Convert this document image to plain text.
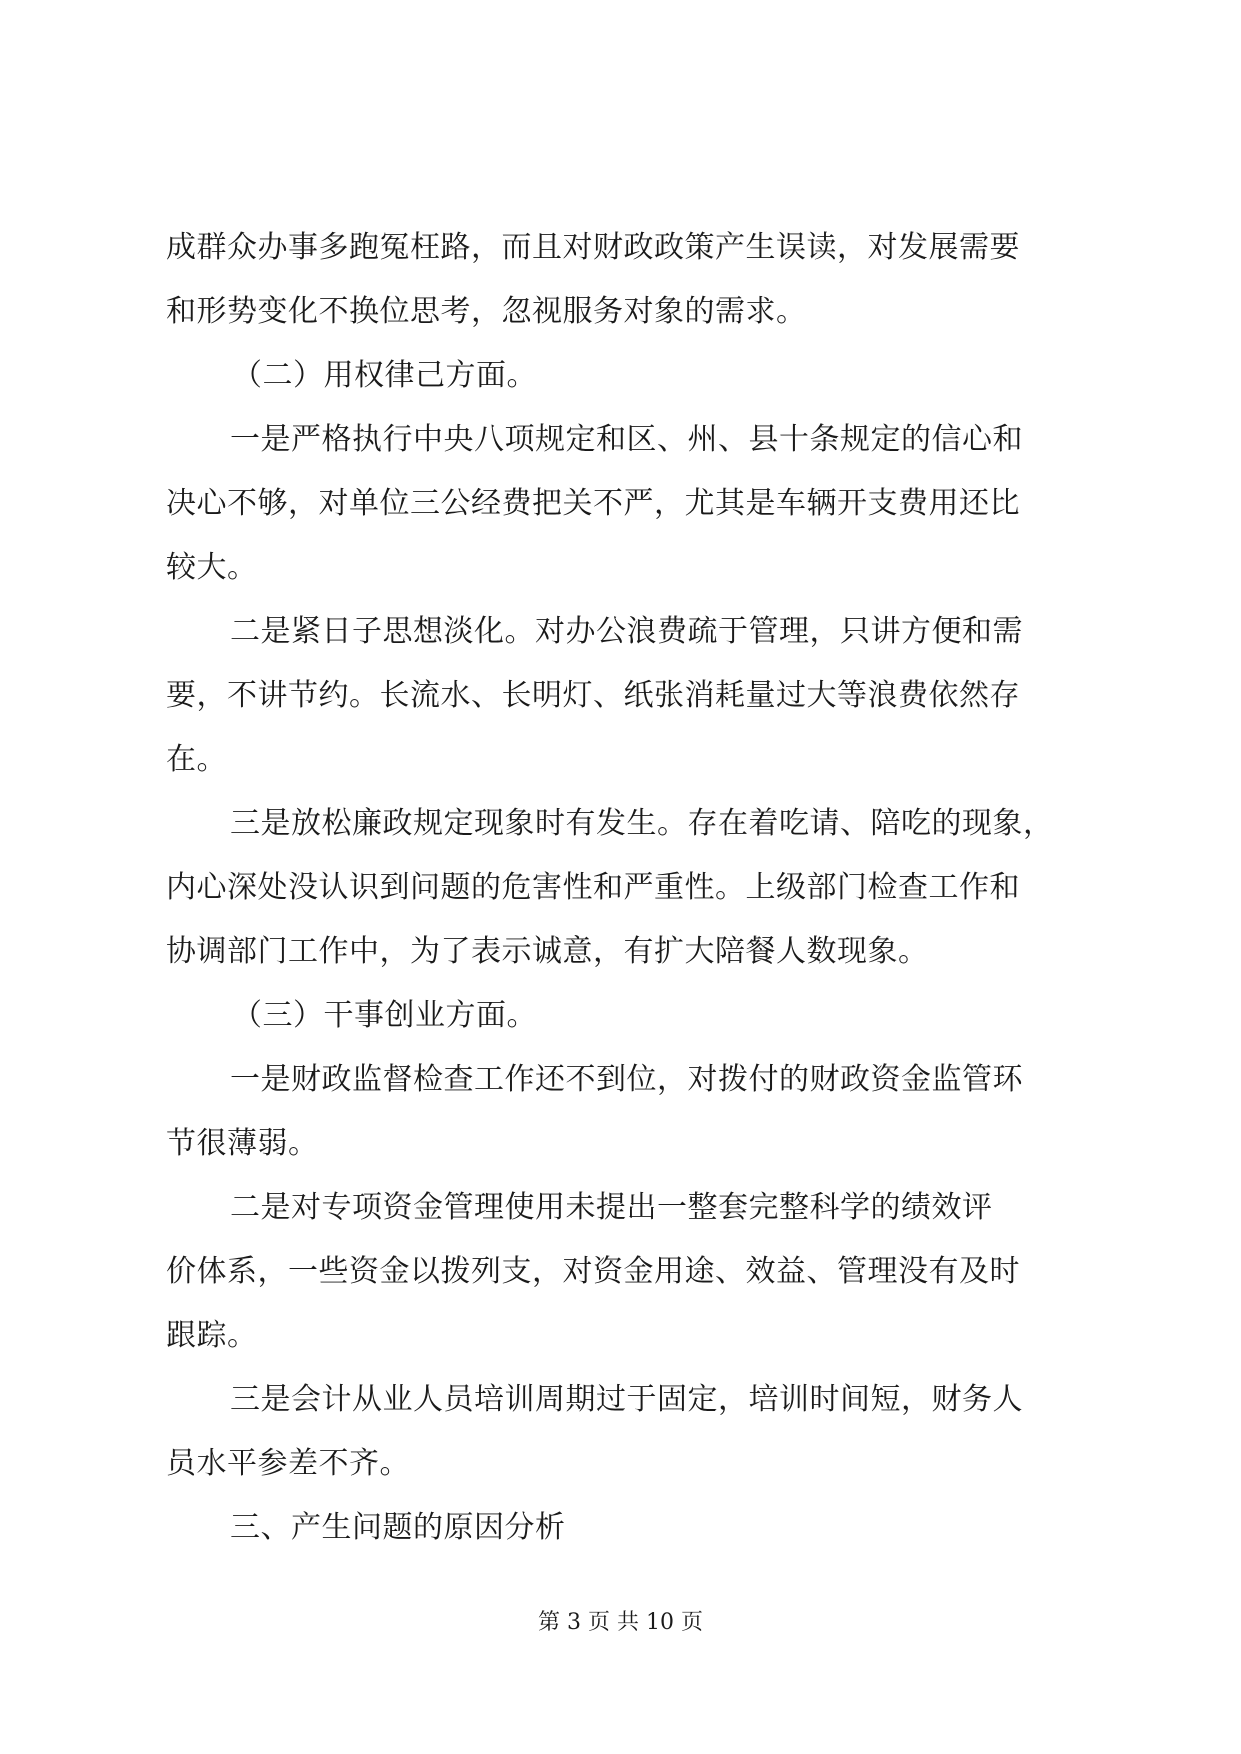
成群众办事多跑冤枉路，而且对财政政策产生误读，对发展需要
和形势变化不换位思考，忽视服务对象的需求。
（二）用权律己方面。
一是严格执行中央八项规定和区、州、县十条规定的信心和
决心不够，对单位三公经费把关不严，尤其是车辆开支费用还比
较大。
二是紧日子思想淡化。对办公浪费疏于管理，只讲方便和需
要，不讲节约。长流水、长明灯、纸张消耗量过大等浪费依然存
在。
三是放松廉政规定现象时有发生。存在着吃请、陪吃的现象，
内心深处没认识到问题的危害性和严重性。上级部门检查工作和
协调部门工作中，为了表示诚意，有扩大陪餐人数现象。
（三）干事创业方面。
一是财政监督检查工作还不到位，对拨付的财政资金监管环
节很薄弱。
二是对专项资金管理使用未提出一整套完整科学的绩效评
价体系，一些资金以拨列支，对资金用途、效益、管理没有及时
跟踪。
三是会计从业人员培训周期过于固定，培训时间短，财务人
员水平参差不齐。
三、产生问题的原因分析
第 3 页 共 10 页
